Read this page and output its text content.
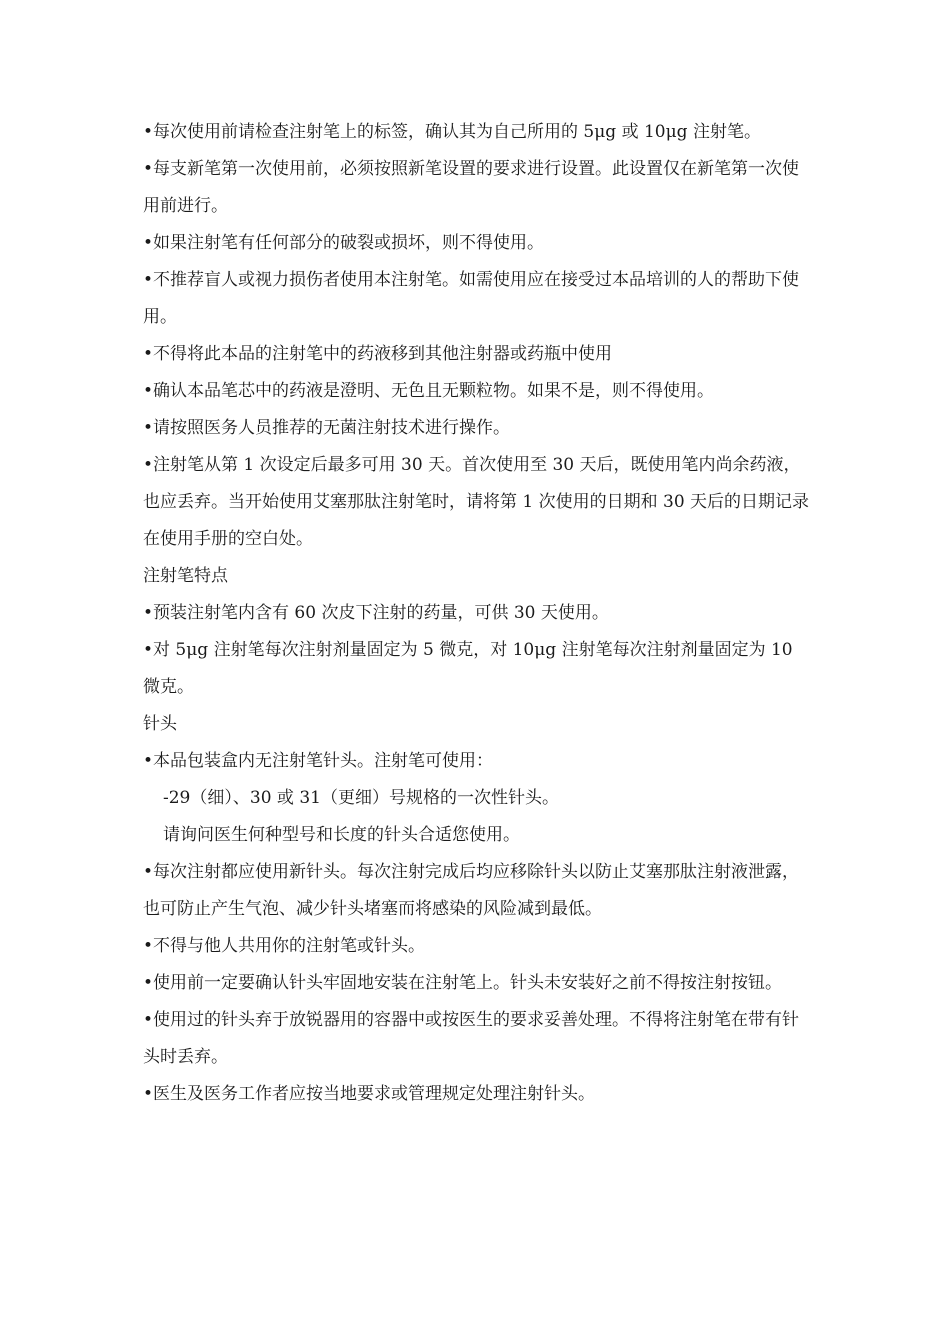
•每次使用前请检查注射笔上的标签，确认其为自己所用的 5μg 或 10μg 注射笔。

•每支新笔第一次使用前，必须按照新笔设置的要求进行设置。此设置仅在新笔第一次使用前进行。

•如果注射笔有任何部分的破裂或损坏，则不得使用。

•不推荐盲人或视力损伤者使用本注射笔。如需使用应在接受过本品培训的人的帮助下使用。

•不得将此本品的注射笔中的药液移到其他注射器或药瓶中使用

•确认本品笔芯中的药液是澄明、无色且无颗粒物。如果不是，则不得使用。

•请按照医务人员推荐的无菌注射技术进行操作。

•注射笔从第 1 次设定后最多可用 30 天。首次使用至 30 天后，既使用笔内尚余药液，也应丢弃。当开始使用艾塞那肽注射笔时，请将第 1 次使用的日期和 30 天后的日期记录在使用手册的空白处。

注射笔特点

•预装注射笔内含有 60 次皮下注射的药量，可供 30 天使用。

•对 5μg 注射笔每次注射剂量固定为 5 微克，对 10μg 注射笔每次注射剂量固定为 10 微克。

针头

•本品包装盒内无注射笔针头。注射笔可使用：

-29（细）、30 或 31（更细）号规格的一次性针头。

请询问医生何种型号和长度的针头合适您使用。

•每次注射都应使用新针头。每次注射完成后均应移除针头以防止艾塞那肽注射液泄露，也可防止产生气泡、减少针头堵塞而将感染的风险减到最低。

•不得与他人共用你的注射笔或针头。

•使用前一定要确认针头牢固地安装在注射笔上。针头未安装好之前不得按注射按钮。

•使用过的针头弃于放锐器用的容器中或按医生的要求妥善处理。不得将注射笔在带有针头时丢弃。

•医生及医务工作者应按当地要求或管理规定处理注射针头。
